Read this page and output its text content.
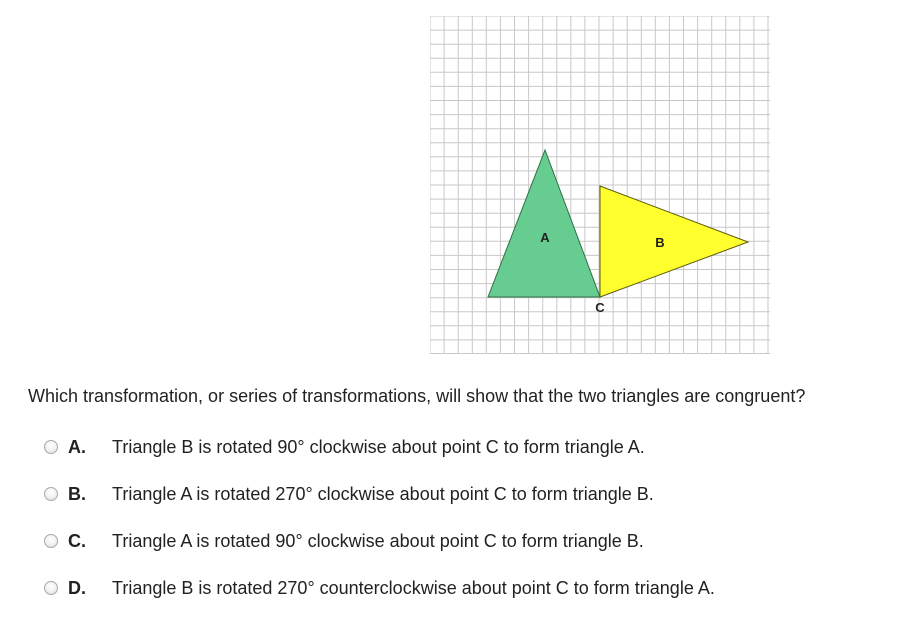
A	B
C
Which transformation, or series of transformations, will show that the two triangles are congruent?
A.	Triangle B is rotated 90° clockwise about point C to form triangle A.
B.	Triangle A is rotated 270° clockwise about point C to form triangle B.
C.	Triangle A is rotated 90° clockwise about point C to form triangle B.
D.	Triangle B is rotated 270° counterclockwise about point C to form triangle A.
